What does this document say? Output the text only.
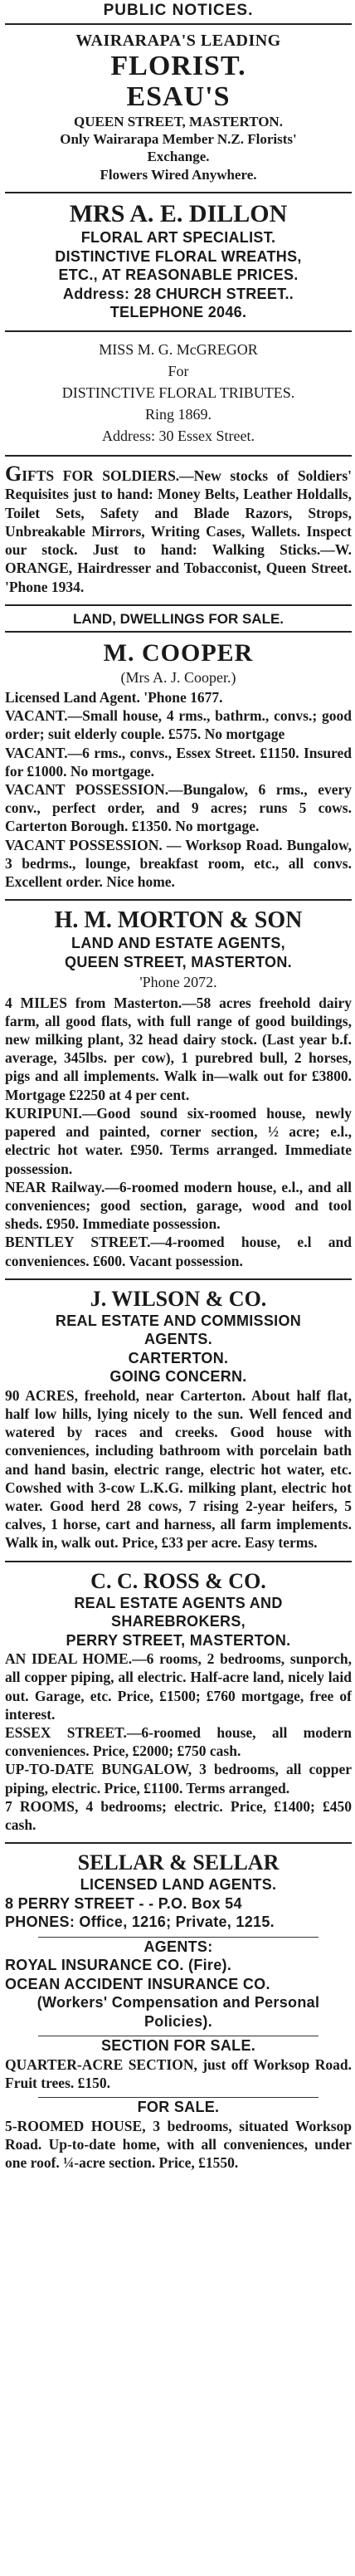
PUBLIC NOTICES.

WAIRARAPA'S LEADING

FLORIST.

ESAU'S

QUEEN STREET, MASTERTON.

Only Wairarapa Member N.Z. Florists'

Exchange.

Flowers Wired Anywhere.

MRS A. E. DILLON

FLORAL ART SPECIALIST.

DISTINCTIVE FLORAL WREATHS,

ETC., AT REASONABLE PRICES.

Address: 28 CHURCH STREET..

TELEPHONE 2046.

MISS M. G. McGREGOR

For

DISTINCTIVE FLORAL TRIBUTES.

Ring 1869.

Address: 30 Essex Street.

GIFTS FOR SOLDIERS.—New stocks of Soldiers' Requisites just to hand: Money Belts, Leather Holdalls, Toilet Sets, Safety and Blade Razors, Strops, Unbreakable Mirrors, Writing Cases, Wallets. Inspect our stock. Just to hand: Walking Sticks.—W. ORANGE, Hairdresser and Tobacconist, Queen Street. 'Phone 1934.

LAND, DWELLINGS FOR SALE.

M. COOPER

(Mrs A. J. Cooper.)

Licensed Land Agent. 'Phone 1677.

VACANT.—Small house, 4 rms., bathrm., convs.; good order; suit elderly couple. £575. No mortgage

VACANT.—6 rms., convs., Essex Street. £1150. Insured for £1000. No mortgage.

VACANT POSSESSION.—Bungalow, 6 rms., every conv., perfect order, and 9 acres; runs 5 cows. Carterton Borough. £1350. No mortgage.

VACANT POSSESSION. — Worksop Road. Bungalow, 3 bedrms., lounge, breakfast room, etc., all convs. Excellent order. Nice home.

H. M. MORTON & SON

LAND AND ESTATE AGENTS,

QUEEN STREET, MASTERTON.

'Phone 2072.

4 MILES from Masterton.—58 acres freehold dairy farm, all good flats, with full range of good buildings, new milking plant, 32 head dairy stock. (Last year b.f. average, 345lbs. per cow), 1 purebred bull, 2 horses, pigs and all implements. Walk in—walk out for £3800. Mortgage £2250 at 4 per cent.

KURIPUNI.—Good sound six-roomed house, newly papered and painted, corner section, ½ acre; e.l., electric hot water. £950. Terms arranged. Immediate possession.

NEAR Railway.—6-roomed modern house, e.l., and all conveniences; good section, garage, wood and tool sheds. £950. Immediate possession.

BENTLEY STREET.—4-roomed house, e.l and conveniences. £600. Vacant possession.

J. WILSON & CO.

REAL ESTATE AND COMMISSION

AGENTS.

CARTERTON.

GOING CONCERN.

90 ACRES, freehold, near Carterton. About half flat, half low hills, lying nicely to the sun. Well fenced and watered by races and creeks. Good house with conveniences, including bathroom with porcelain bath and hand basin, electric range, electric hot water, etc. Cowshed with 3-cow L.K.G. milking plant, electric hot water. Good herd 28 cows, 7 rising 2-year heifers, 5 calves, 1 horse, cart and harness, all farm implements. Walk in, walk out. Price, £33 per acre. Easy terms.

C. C. ROSS & CO.

REAL ESTATE AGENTS AND

SHAREBROKERS,

PERRY STREET, MASTERTON.

AN IDEAL HOME.—6 rooms, 2 bedrooms, sunporch, all copper piping, all electric. Half-acre land, nicely laid out. Garage, etc. Price, £1500; £760 mortgage, free of interest.

ESSEX STREET.—6-roomed house, all modern conveniences. Price, £2000; £750 cash.

UP-TO-DATE BUNGALOW, 3 bedrooms, all copper piping, electric. Price, £1100. Terms arranged.

7 ROOMS, 4 bedrooms; electric. Price, £1400; £450 cash.

SELLAR & SELLAR

LICENSED LAND AGENTS.

8 PERRY STREET - - P.O. Box 54

PHONES: Office, 1216; Private, 1215.

AGENTS:

ROYAL INSURANCE CO. (Fire).

OCEAN ACCIDENT INSURANCE CO.

(Workers' Compensation and Personal Policies).

SECTION FOR SALE.

QUARTER-ACRE SECTION, just off Worksop Road. Fruit trees. £150.

FOR SALE.

5-ROOMED HOUSE, 3 bedrooms, situated Worksop Road. Up-to-date home, with all conveniences, under one roof. ¼-acre section. Price, £1550.
